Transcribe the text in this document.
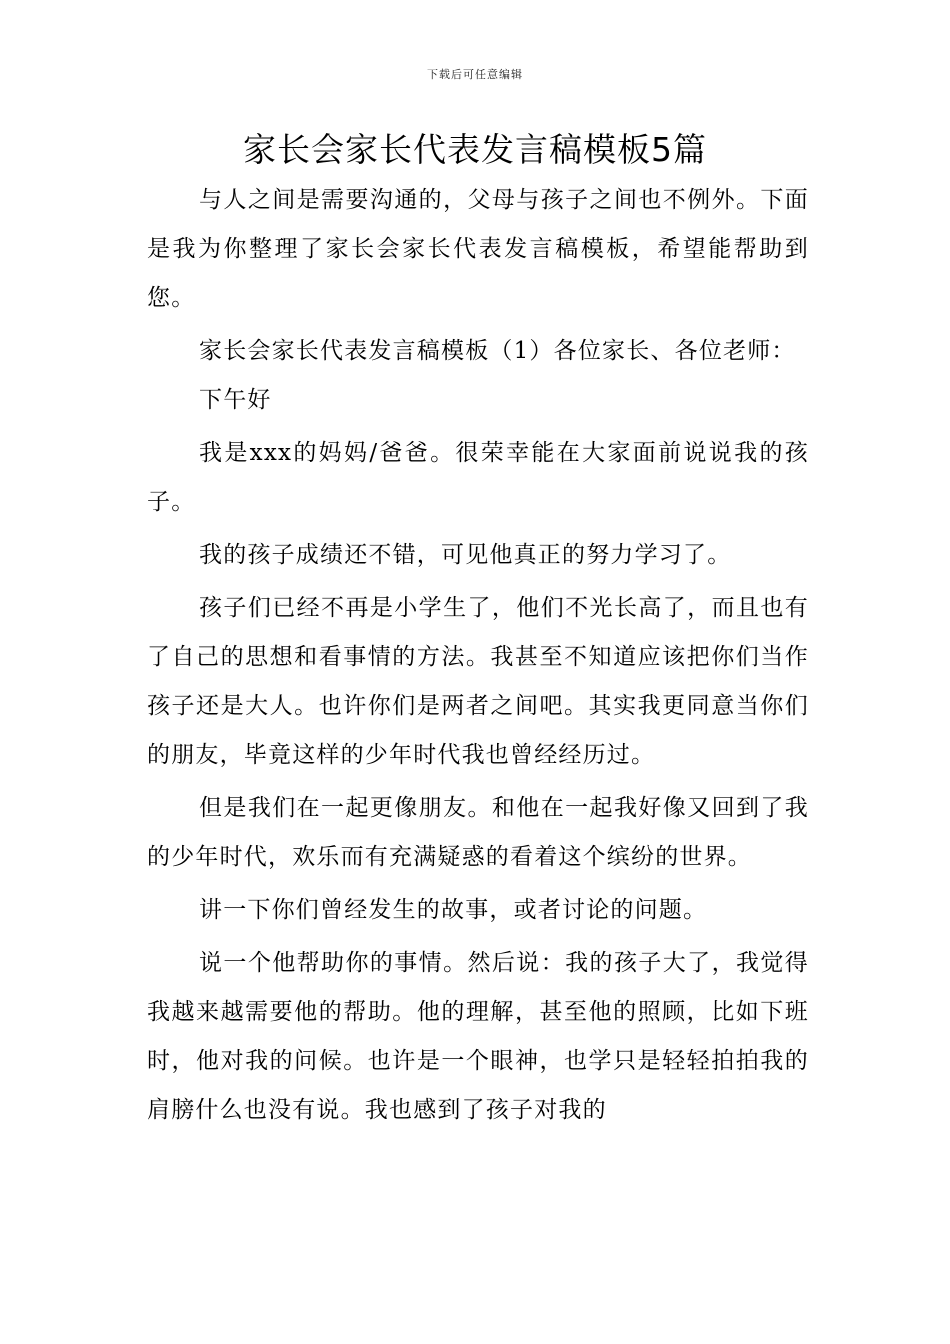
下载后可任意编辑
家长会家长代表发言稿模板5篇

与人之间是需要沟通的，父母与孩子之间也不例外。下面是我为你整理了家长会家长代表发言稿模板，希望能帮助到您。

家长会家长代表发言稿模板（1）各位家长、各位老师：

下午好

我是xxx的妈妈/爸爸。很荣幸能在大家面前说说我的孩子。

我的孩子成绩还不错，可见他真正的努力学习了。

孩子们已经不再是小学生了，他们不光长高了，而且也有了自己的思想和看事情的方法。我甚至不知道应该把你们当作孩子还是大人。也许你们是两者之间吧。其实我更同意当你们的朋友，毕竟这样的少年时代我也曾经经历过。

但是我们在一起更像朋友。和他在一起我好像又回到了我的少年时代，欢乐而有充满疑惑的看着这个缤纷的世界。

讲一下你们曾经发生的故事，或者讨论的问题。

说一个他帮助你的事情。然后说：我的孩子大了，我觉得我越来越需要他的帮助。他的理解，甚至他的照顾，比如下班时，他对我的问候。也许是一个眼神，也学只是轻轻拍拍我的肩膀什么也没有说。我也感到了孩子对我的
